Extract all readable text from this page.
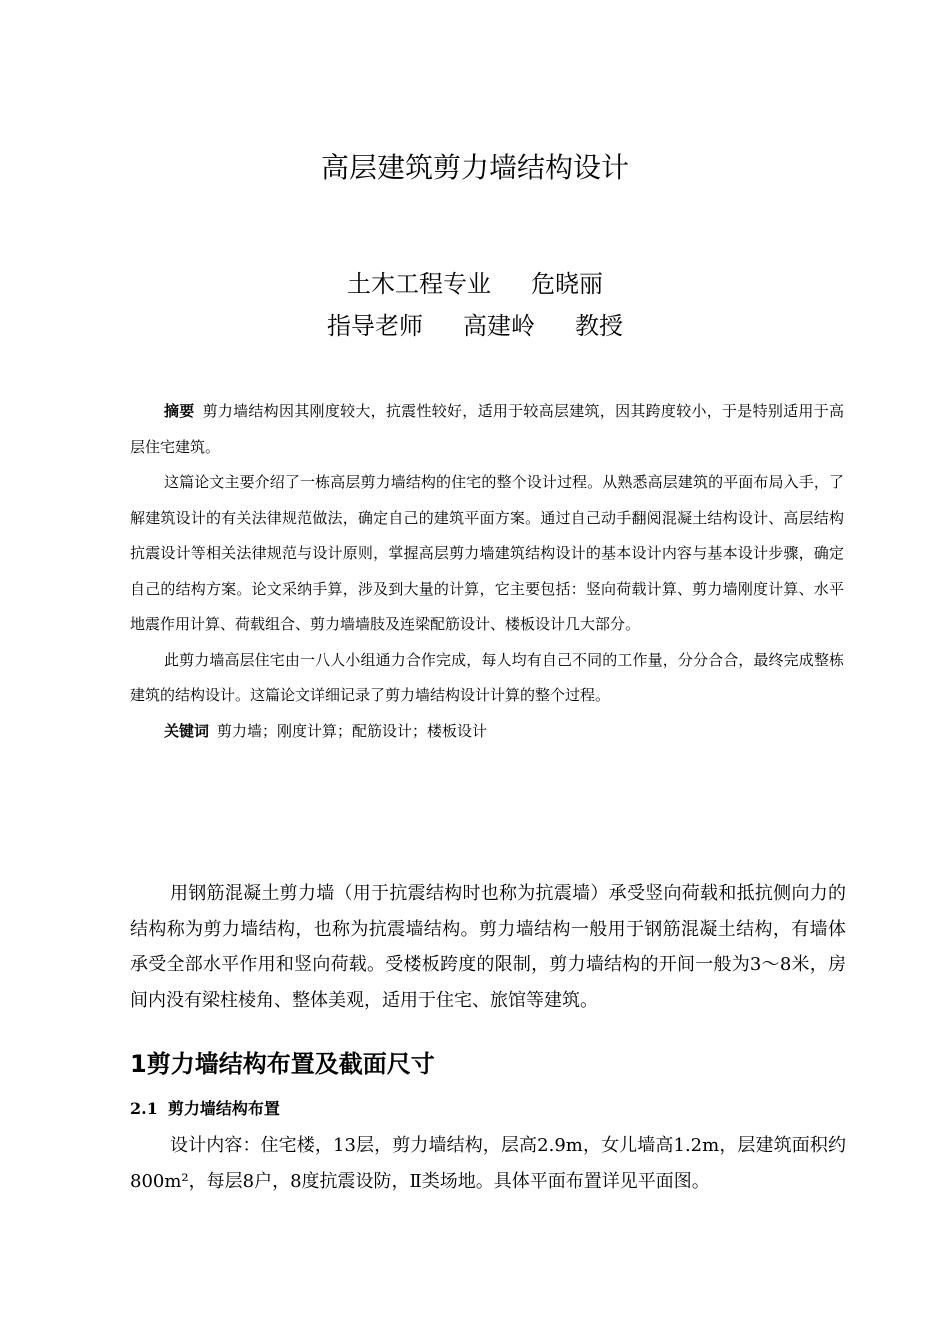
高层建筑剪力墙结构设计
土木工程专业 危晓丽
指导老师 高建岭 教授

摘要 剪力墙结构因其刚度较大，抗震性较好，适用于较高层建筑，因其跨度较小，于是特别适用于高层住宅建筑。

这篇论文主要介绍了一栋高层剪力墙结构的住宅的整个设计过程。从熟悉高层建筑的平面布局入手，了解建筑设计的有关法律规范做法，确定自己的建筑平面方案。通过自己动手翻阅混凝土结构设计、高层结构抗震设计等相关法律规范与设计原则，掌握高层剪力墙建筑结构设计的基本设计内容与基本设计步骤，确定自己的结构方案。论文采纳手算，涉及到大量的计算，它主要包括：竖向荷载计算、剪力墙刚度计算、水平地震作用计算、荷载组合、剪力墙墙肢及连梁配筋设计、楼板设计几大部分。

此剪力墙高层住宅由一八人小组通力合作完成，每人均有自己不同的工作量，分分合合，最终完成整栋建筑的结构设计。这篇论文详细记录了剪力墙结构设计计算的整个过程。

关键词 剪力墙；刚度计算；配筋设计；楼板设计

用钢筋混凝土剪力墙（用于抗震结构时也称为抗震墙）承受竖向荷载和抵抗侧向力的结构称为剪力墙结构，也称为抗震墙结构。剪力墙结构一般用于钢筋混凝土结构，有墙体承受全部水平作用和竖向荷载。受楼板跨度的限制，剪力墙结构的开间一般为3～8米，房间内没有梁柱棱角、整体美观，适用于住宅、旅馆等建筑。

1剪力墙结构布置及截面尺寸
2.1 剪力墙结构布置

设计内容：住宅楼，13层，剪力墙结构，层高2.9m，女儿墙高1.2m，层建筑面积约800m²，每层8户，8度抗震设防，Ⅱ类场地。具体平面布置详见平面图。
